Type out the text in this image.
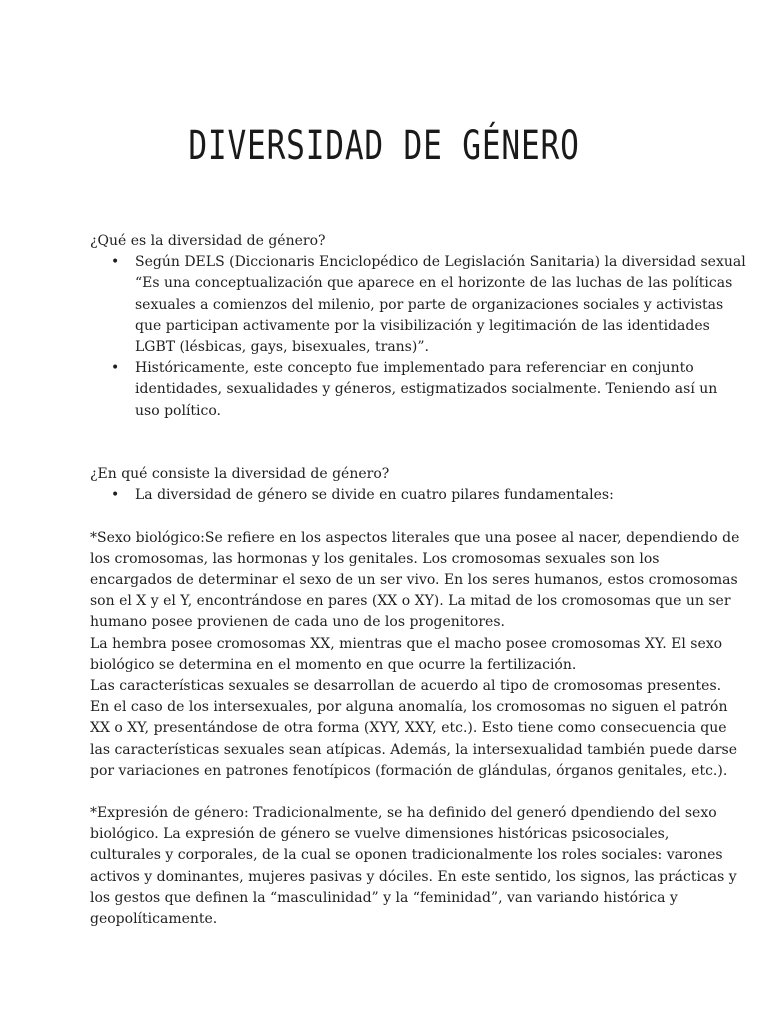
DIVERSIDAD DE GÉNERO
¿Qué es la diversidad de género?
• Según DELS (Diccionaris Enciclopédico de Legislación Sanitaria) la diversidad sexual
“Es una conceptualización que aparece en el horizonte de las luchas de las políticas
sexuales a comienzos del milenio, por parte de organizaciones sociales y activistas
que participan activamente por la visibilización y legitimación de las identidades
LGBT (lésbicas, gays, bisexuales, trans)”.
• Históricamente, este concepto fue implementado para referenciar en conjunto
identidades, sexualidades y géneros, estigmatizados socialmente. Teniendo así un
uso político.
¿En qué consiste la diversidad de género?
• La diversidad de género se divide en cuatro pilares fundamentales:
*Sexo biológico:Se refiere en los aspectos literales que una posee al nacer, dependiendo de
los cromosomas, las hormonas y los genitales. Los cromosomas sexuales son los
encargados de determinar el sexo de un ser vivo. En los seres humanos, estos cromosomas
son el X y el Y, encontrándose en pares (XX o XY). La mitad de los cromosomas que un ser
humano posee provienen de cada uno de los progenitores.
La hembra posee cromosomas XX, mientras que el macho posee cromosomas XY. El sexo
biológico se determina en el momento en que ocurre la fertilización.
Las características sexuales se desarrollan de acuerdo al tipo de cromosomas presentes.
En el caso de los intersexuales, por alguna anomalía, los cromosomas no siguen el patrón
XX o XY, presentándose de otra forma (XYY, XXY, etc.). Esto tiene como consecuencia que
las características sexuales sean atípicas. Además, la intersexualidad también puede darse
por variaciones en patrones fenotípicos (formación de glándulas, órganos genitales, etc.).
*Expresión de género: Tradicionalmente, se ha definido del generó dpendiendo del sexo
biológico. La expresión de género se vuelve dimensiones históricas psicosociales,
culturales y corporales, de la cual se oponen tradicionalmente los roles sociales: varones
activos y dominantes, mujeres pasivas y dóciles. En este sentido, los signos, las prácticas y
los gestos que definen la “masculinidad” y la “feminidad”, van variando histórica y
geopolíticamente.
